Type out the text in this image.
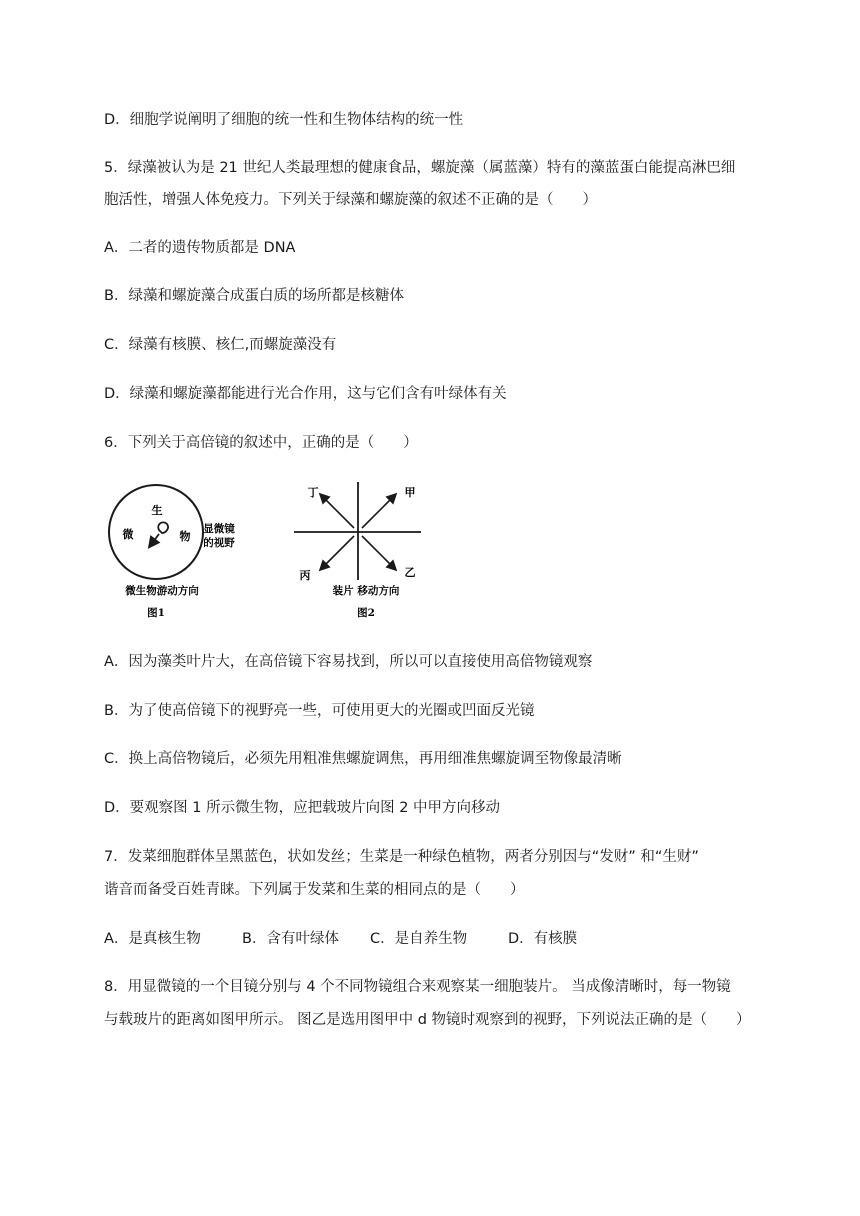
D．细胞学说阐明了细胞的统一性和生物体结构的统一性
5．绿藻被认为是 21 世纪人类最理想的健康食品，螺旋藻（属蓝藻）特有的藻蓝蛋白能提高淋巴细
胞活性，增强人体免疫力。下列关于绿藻和螺旋藻的叙述不正确的是（　　）
A．二者的遗传物质都是 DNA
B．绿藻和螺旋藻合成蛋白质的场所都是核糖体
C．绿藻有核膜、核仁,而螺旋藻没有
D．绿藻和螺旋藻都能进行光合作用，这与它们含有叶绿体有关
6．下列关于高倍镜的叙述中，正确的是（　　）
A．因为藻类叶片大，在高倍镜下容易找到，所以可以直接使用高倍物镜观察
B．为了使高倍镜下的视野亮一些，可使用更大的光圈或凹面反光镜
C．换上高倍物镜后，必须先用粗准焦螺旋调焦，再用细准焦螺旋调至物像最清晰
D．要观察图 1 所示微生物，应把载玻片向图 2 中甲方向移动
7．发菜细胞群体呈黑蓝色，状如发丝；生菜是一种绿色植物，两者分别因与“发财” 和“生财”
谐音而备受百姓青睐。下列属于发菜和生菜的相同点的是（　　）
A．是真核生物	B．含有叶绿体 C．是自养生物	D．有核膜
8．用显微镜的一个目镜分别与 4 个不同物镜组合来观察某一细胞装片。 当成像清晰时，每一物镜
与载玻片的距离如图甲所示。 图乙是选用图甲中 d 物镜时观察到的视野，下列说法正确的是（　　）
生
微	物
显微镜
的视野
微生物游动方向
图1
丁	甲
丙	乙
装片 移动方向
图2
